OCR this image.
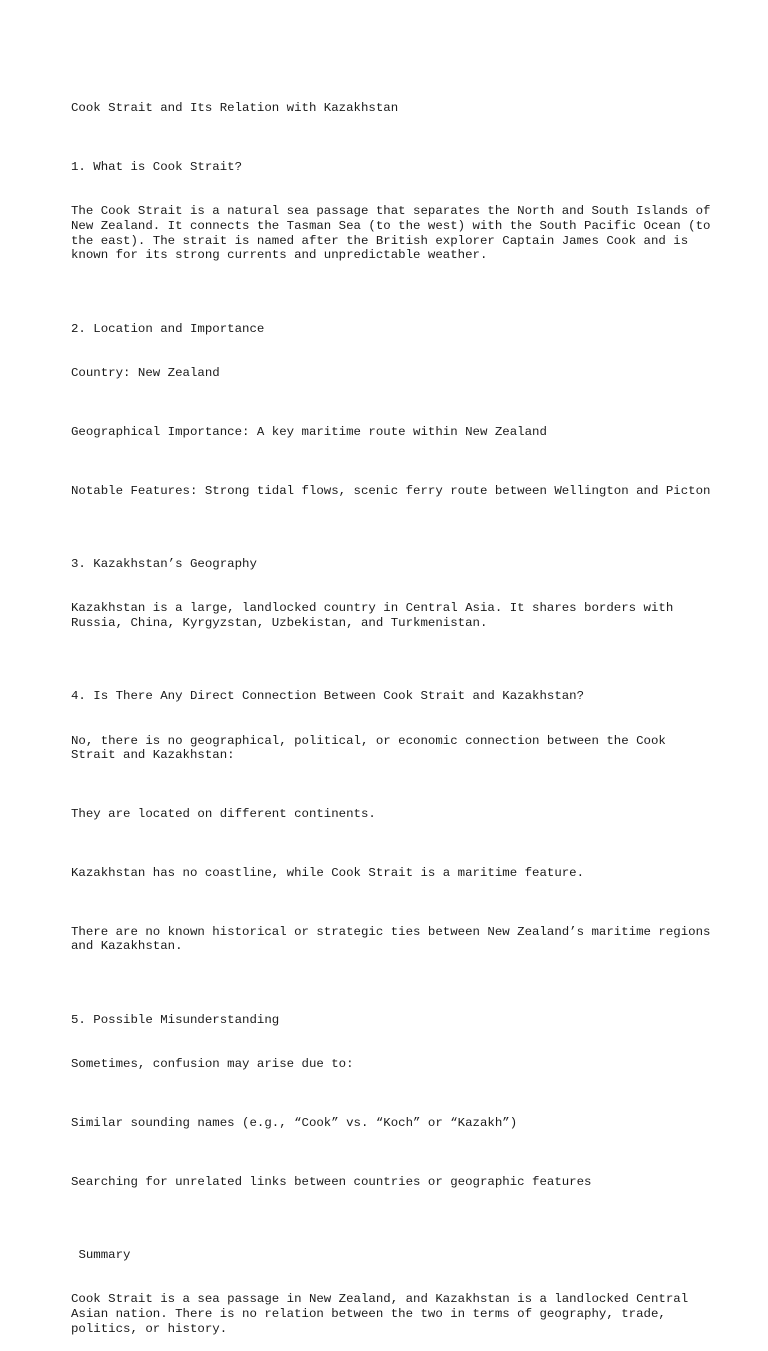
Cook Strait and Its Relation with Kazakhstan

1. What is Cook Strait?

The Cook Strait is a natural sea passage that separates the North and South Islands of New Zealand. It connects the Tasman Sea (to the west) with the South Pacific Ocean (to the east). The strait is named after the British explorer Captain James Cook and is known for its strong currents and unpredictable weather.

2. Location and Importance

Country: New Zealand

Geographical Importance: A key maritime route within New Zealand

Notable Features: Strong tidal flows, scenic ferry route between Wellington and Picton

3. Kazakhstan’s Geography

Kazakhstan is a large, landlocked country in Central Asia. It shares borders with Russia, China, Kyrgyzstan, Uzbekistan, and Turkmenistan.

4. Is There Any Direct Connection Between Cook Strait and Kazakhstan?

No, there is no geographical, political, or economic connection between the Cook Strait and Kazakhstan:

They are located on different continents.

Kazakhstan has no coastline, while Cook Strait is a maritime feature.

There are no known historical or strategic ties between New Zealand’s maritime regions and Kazakhstan.

5. Possible Misunderstanding

Sometimes, confusion may arise due to:

Similar sounding names (e.g., “Cook” vs. “Koch” or “Kazakh”)

Searching for unrelated links between countries or geographic features

Summary

Cook Strait is a sea passage in New Zealand, and Kazakhstan is a landlocked Central Asian nation. There is no relation between the two in terms of geography, trade, politics, or history.
